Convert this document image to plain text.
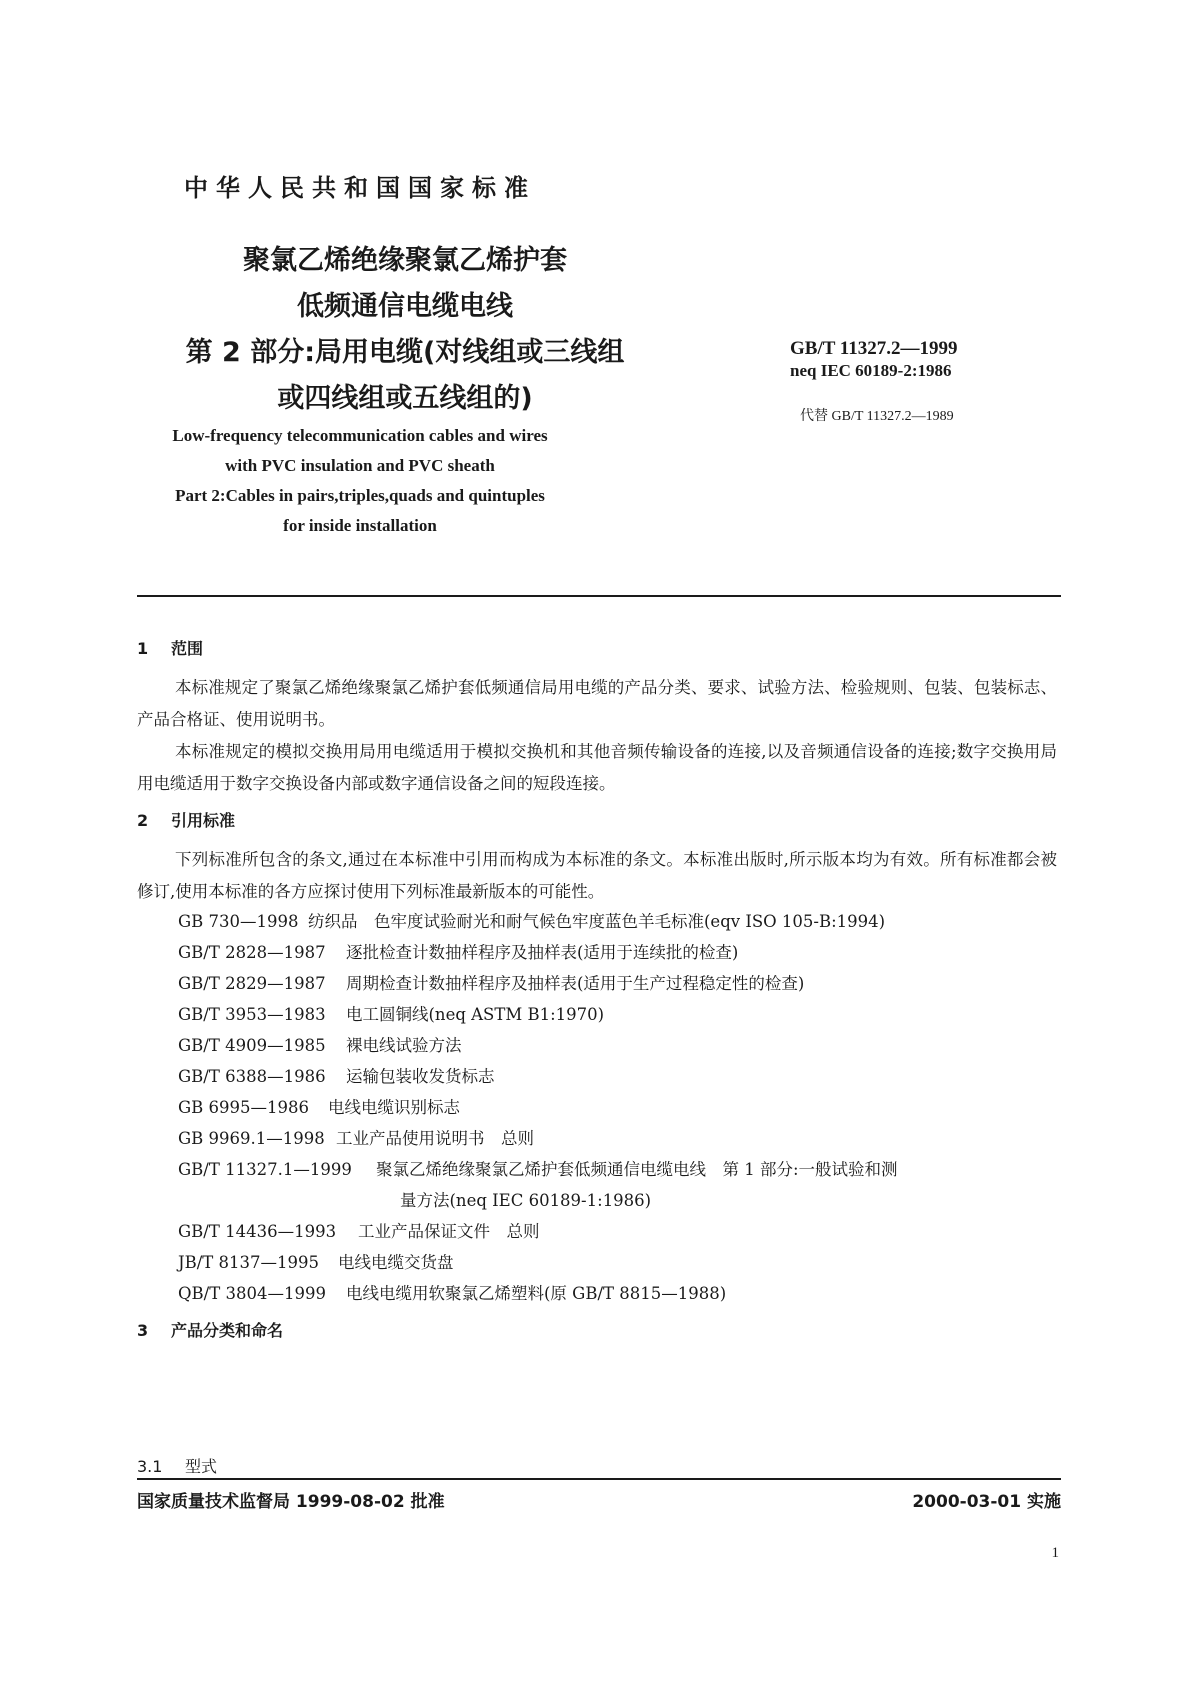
中华人民共和国国家标准
聚氯乙烯绝缘聚氯乙烯护套
低频通信电缆电线
第 2 部分:局用电缆(对线组或三线组
或四线组或五线组的)
GB/T 11327.2—1999
neq IEC 60189-2:1986
代替 GB/T 11327.2—1989
Low-frequency telecommunication cables and wires
with PVC insulation and PVC sheath
Part 2:Cables in pairs,triples,quads and quintuples
for inside installation
1 范围
本标准规定了聚氯乙烯绝缘聚氯乙烯护套低频通信局用电缆的产品分类、要求、试验方法、检验规则、包装、包装标志、产品合格证、使用说明书。
本标准规定的模拟交换用局用电缆适用于模拟交换机和其他音频传输设备的连接,以及音频通信设备的连接;数字交换用局用电缆适用于数字交换设备内部或数字通信设备之间的短段连接。
2 引用标准
下列标准所包含的条文,通过在本标准中引用而构成为本标准的条文。本标准出版时,所示版本均为有效。所有标准都会被修订,使用本标准的各方应探讨使用下列标准最新版本的可能性。
GB 730—1998 纺织品　色牢度试验耐光和耐气候色牢度蓝色羊毛标准(eqv ISO 105-B:1994)
GB/T 2828—1987 逐批检查计数抽样程序及抽样表(适用于连续批的检查)
GB/T 2829—1987 周期检查计数抽样程序及抽样表(适用于生产过程稳定性的检查)
GB/T 3953—1983 电工圆铜线(neq ASTM B1:1970)
GB/T 4909—1985 裸电线试验方法
GB/T 6388—1986 运输包装收发货标志
GB 6995—1986 电线电缆识别标志
GB 9969.1—1998 工业产品使用说明书　总则
GB/T 11327.1—1999 聚氯乙烯绝缘聚氯乙烯护套低频通信电缆电线　第 1 部分:一般试验和测
量方法(neq IEC 60189-1:1986)
GB/T 14436—1993 工业产品保证文件　总则
JB/T 8137—1995 电线电缆交货盘
QB/T 3804—1999 电线电缆用软聚氯乙烯塑料(原 GB/T 8815—1988)
3 产品分类和命名
3.1 型式
国家质量技术监督局 1999-08-02 批准	2000-03-01 实施
1
